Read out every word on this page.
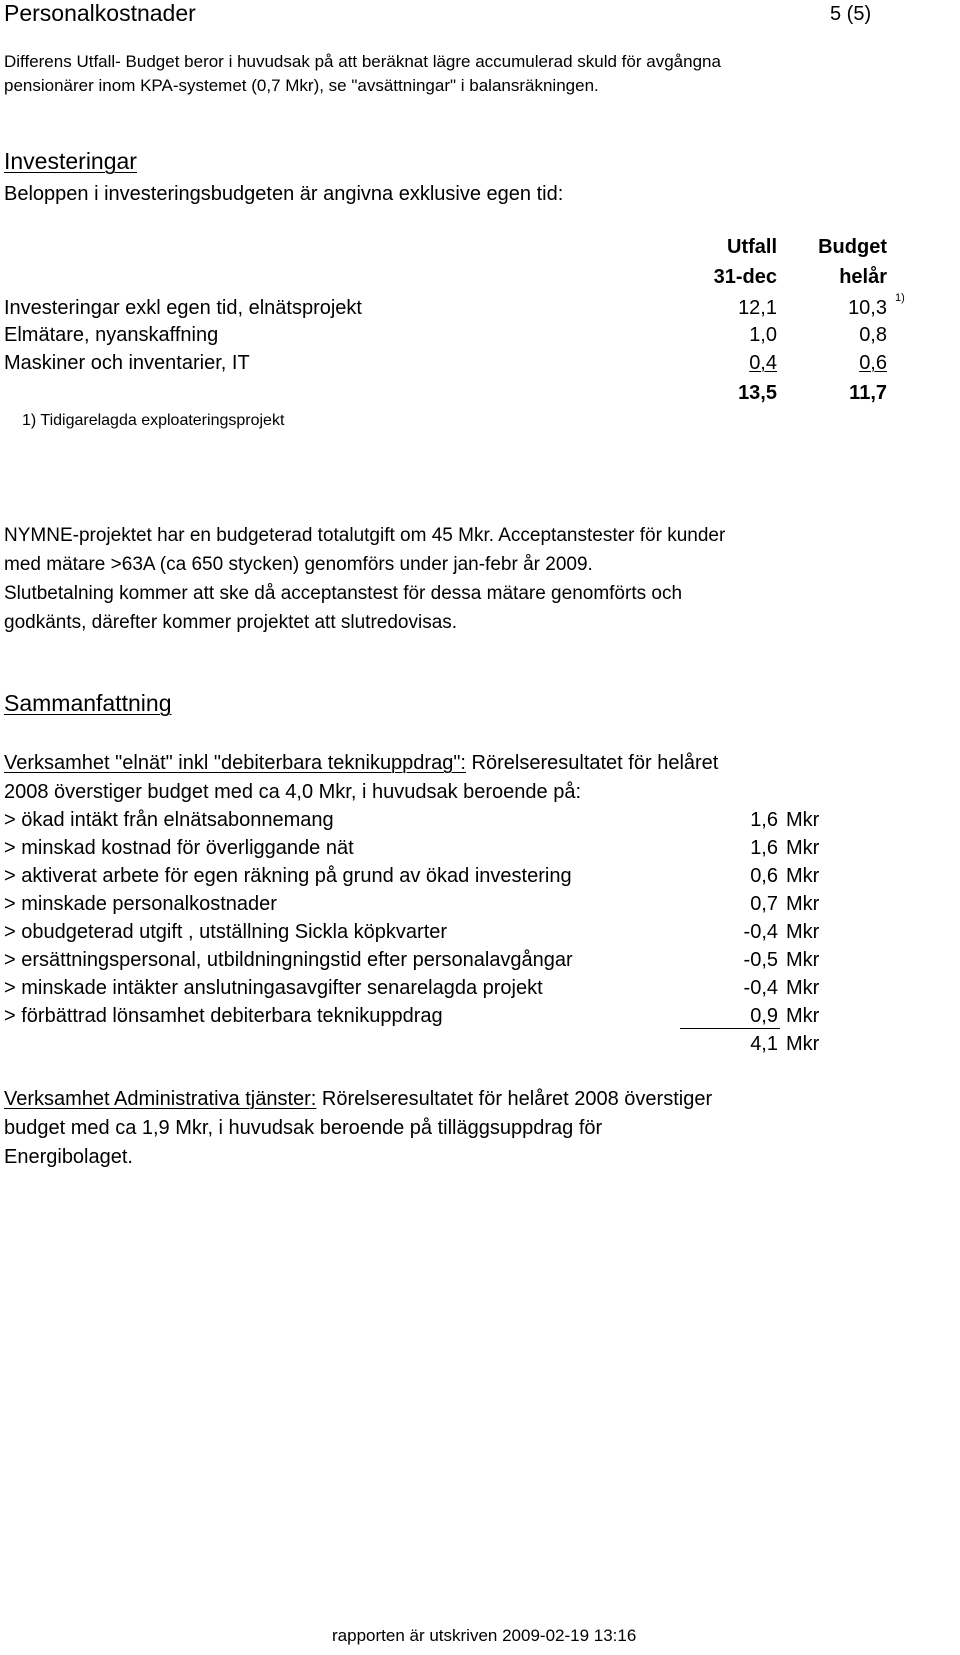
Personalkostnader	5 (5)
Differens Utfall- Budget beror i huvudsak på att beräknat lägre accumulerad skuld för avgångna
pensionärer inom KPA-systemet (0,7 Mkr), se "avsättningar" i balansräkningen.
Investeringar
Beloppen i investeringsbudgeten är angivna exklusive egen tid:
Utfall	Budget
31-dec	helår
Investeringar exkl egen tid, elnätsprojekt	12,1	10,3 1)
Elmätare, nyanskaffning	1,0	0,8
Maskiner och inventarier, IT	0,4	0,6
13,5	11,7
1) Tidigarelagda exploateringsprojekt
NYMNE-projektet har en budgeterad totalutgift om 45 Mkr. Acceptanstester för kunder
med mätare >63A (ca 650 stycken) genomförs under jan-febr år 2009.
Slutbetalning kommer att ske då acceptanstest för dessa mätare genomförts och
godkänts, därefter kommer projektet att slutredovisas.
Sammanfattning
Verksamhet "elnät" inkl "debiterbara teknikuppdrag": Rörelseresultatet för helåret
2008 överstiger budget med ca 4,0 Mkr, i huvudsak beroende på:
> ökad intäkt från elnätsabonnemang	1,6 Mkr
> minskad kostnad för överliggande nät	1,6 Mkr
> aktiverat arbete för egen räkning på grund av ökad investering	0,6 Mkr
> minskade personalkostnader	0,7 Mkr
> obudgeterad utgift , utställning Sickla köpkvarter	-0,4 Mkr
> ersättningspersonal, utbildningningstid efter personalavgångar	-0,5 Mkr
> minskade intäkter anslutningasavgifter senarelagda projekt	-0,4 Mkr
> förbättrad lönsamhet debiterbara teknikuppdrag	0,9 Mkr
4,1 Mkr
Verksamhet Administrativa tjänster: Rörelseresultatet för helåret 2008 överstiger
budget med ca 1,9 Mkr, i huvudsak beroende på tilläggsuppdrag för
Energibolaget.
rapporten är utskriven 2009-02-19 13:16
